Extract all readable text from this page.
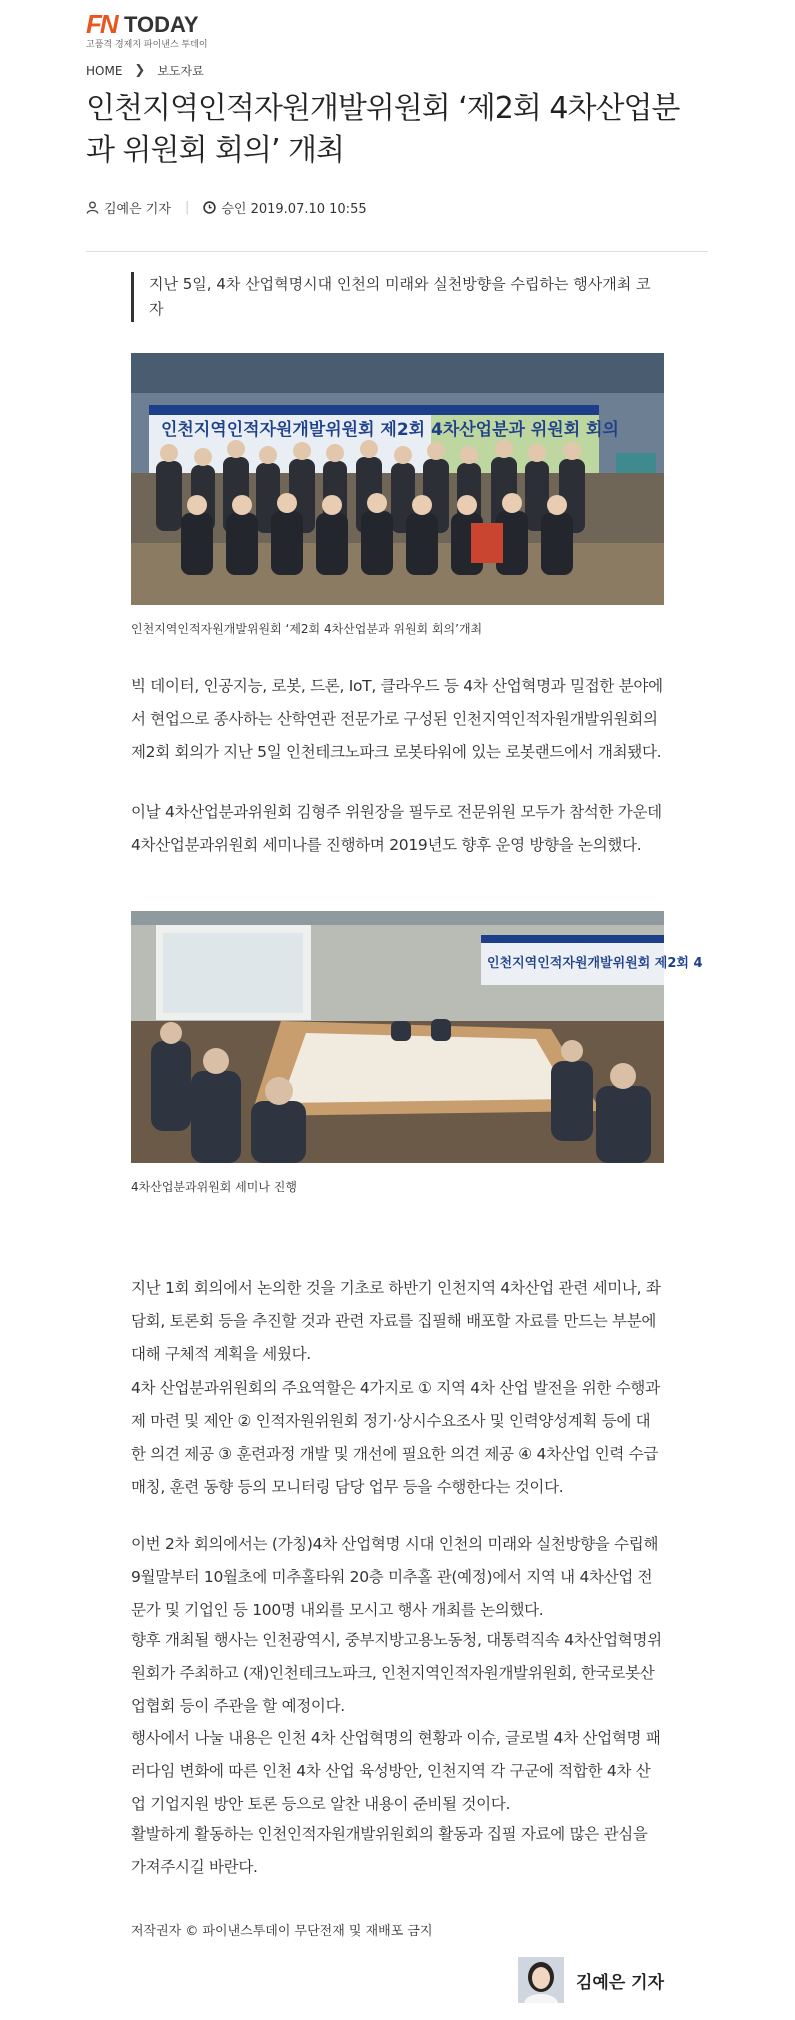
FN TODAY
고품격 경제지 파이낸스 투데이
HOME ❯ 보도자료
인천지역인적자원개발위원회 ‘제2회 4차산업분과 위원회 회의’ 개최
김예은 기자 | 승인 2019.07.10 10:55
지난 5일, 4차 산업혁명시대 인천의 미래와 실천방향을 수립하는 행사개최 코자
인천지역인적자원개발위원회 제2회 4차산업분과 위원회 회의
인천지역인적자원개발위원회 ‘제2회 4차산업분과 위원회 회의’개최
빅 데이터, 인공지능, 로봇, 드론, IoT, 클라우드 등 4차 산업혁명과 밀접한 분야에서 현업으로 종사하는 산학연관 전문가로 구성된 인천지역인적자원개발위원회의 제2회 회의가 지난 5일 인천테크노파크 로봇타워에 있는 로봇랜드에서 개최됐다.
이날 4차산업분과위원회 김형주 위원장을 필두로 전문위원 모두가 참석한 가운데 4차산업분과위원회 세미나를 진행하며 2019년도 향후 운영 방향을 논의했다.
인천지역인적자원개발위원회 제2회 4
4차산업분과위원회 세미나 진행
지난 1회 회의에서 논의한 것을 기초로 하반기 인천지역 4차산업 관련 세미나, 좌담회, 토론회 등을 추진할 것과 관련 자료를 집필해 배포할 자료를 만드는 부분에 대해 구체적 계획을 세웠다.
4차 산업분과위원회의 주요역할은 4가지로 ① 지역 4차 산업 발전을 위한 수행과제 마련 및 제안 ② 인적자원위원회 정기·상시수요조사 및 인력양성계획 등에 대한 의견 제공 ③ 훈련과정 개발 및 개선에 필요한 의견 제공 ④ 4차산업 인력 수급 매칭, 훈련 동향 등의 모니터링 담당 업무 등을 수행한다는 것이다.
이번 2차 회의에서는 (가칭)4차 산업혁명 시대 인천의 미래와 실천방향을 수립해 9월말부터 10월초에 미추홀타워 20층 미추홀 관(예정)에서 지역 내 4차산업 전문가 및 기업인 등 100명 내외를 모시고 행사 개최를 논의했다.
향후 개최될 행사는 인천광역시, 중부지방고용노동청, 대통력직속 4차산업혁명위원회가 주최하고 (재)인천테크노파크, 인천지역인적자원개발위원회, 한국로봇산업협회 등이 주관을 할 예정이다.
행사에서 나눌 내용은 인천 4차 산업혁명의 현황과 이슈, 글로벌 4차 산업혁명 패러다임 변화에 따른 인천 4차 산업 육성방안, 인천지역 각 구군에 적합한 4차 산업 기업지원 방안 토론 등으로 알찬 내용이 준비될 것이다.
활발하게 활동하는 인천인적자원개발위원회의 활동과 집필 자료에 많은 관심을 가져주시길 바란다.
저작권자 © 파이낸스투데이 무단전재 및 재배포 금지
김예은 기자
